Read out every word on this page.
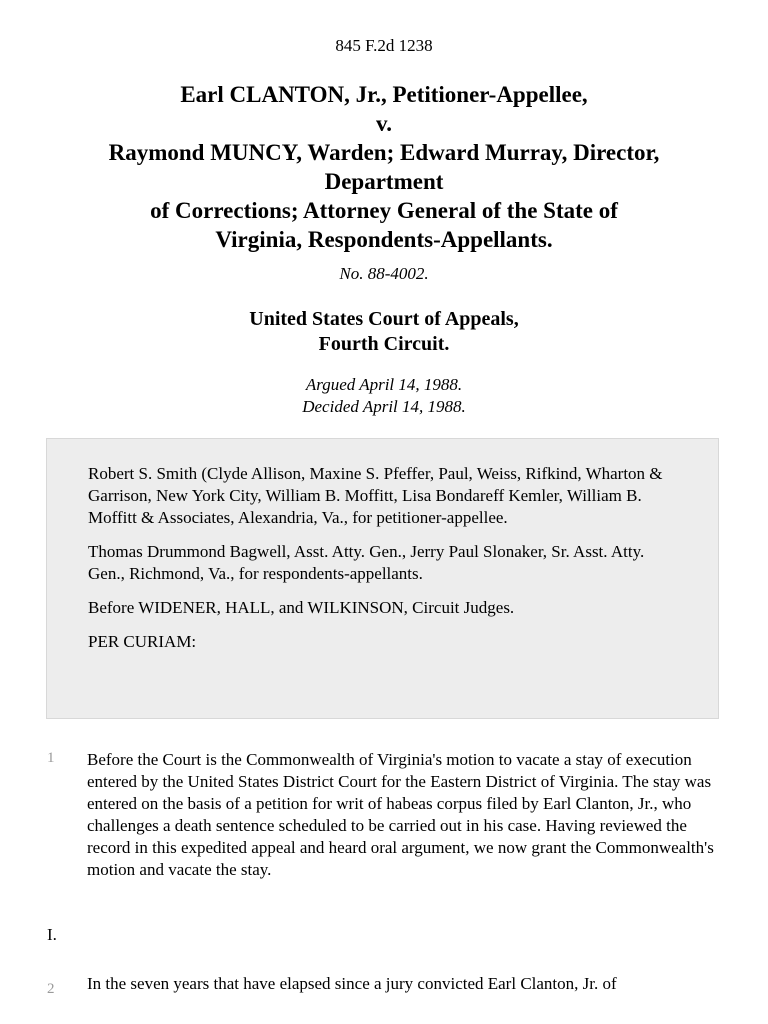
845 F.2d 1238
Earl CLANTON, Jr., Petitioner-Appellee,
v.
Raymond MUNCY, Warden; Edward Murray, Director,
Department
of Corrections; Attorney General of the State of
Virginia, Respondents-Appellants.
No. 88-4002.
United States Court of Appeals,
Fourth Circuit.
Argued April 14, 1988.
Decided April 14, 1988.

Robert S. Smith (Clyde Allison, Maxine S. Pfeffer, Paul, Weiss, Rifkind, Wharton & Garrison, New York City, William B. Moffitt, Lisa Bondareff Kemler, William B. Moffitt & Associates, Alexandria, Va., for petitioner-appellee.

Thomas Drummond Bagwell, Asst. Atty. Gen., Jerry Paul Slonaker, Sr. Asst. Atty. Gen., Richmond, Va., for respondents-appellants.

Before WIDENER, HALL, and WILKINSON, Circuit Judges.

PER CURIAM:

1 Before the Court is the Commonwealth of Virginia's motion to vacate a stay of execution entered by the United States District Court for the Eastern District of Virginia. The stay was entered on the basis of a petition for writ of habeas corpus filed by Earl Clanton, Jr., who challenges a death sentence scheduled to be carried out in his case. Having reviewed the record in this expedited appeal and heard oral argument, we now grant the Commonwealth's motion and vacate the stay.
I.
2 In the seven years that have elapsed since a jury convicted Earl Clanton, Jr. of
